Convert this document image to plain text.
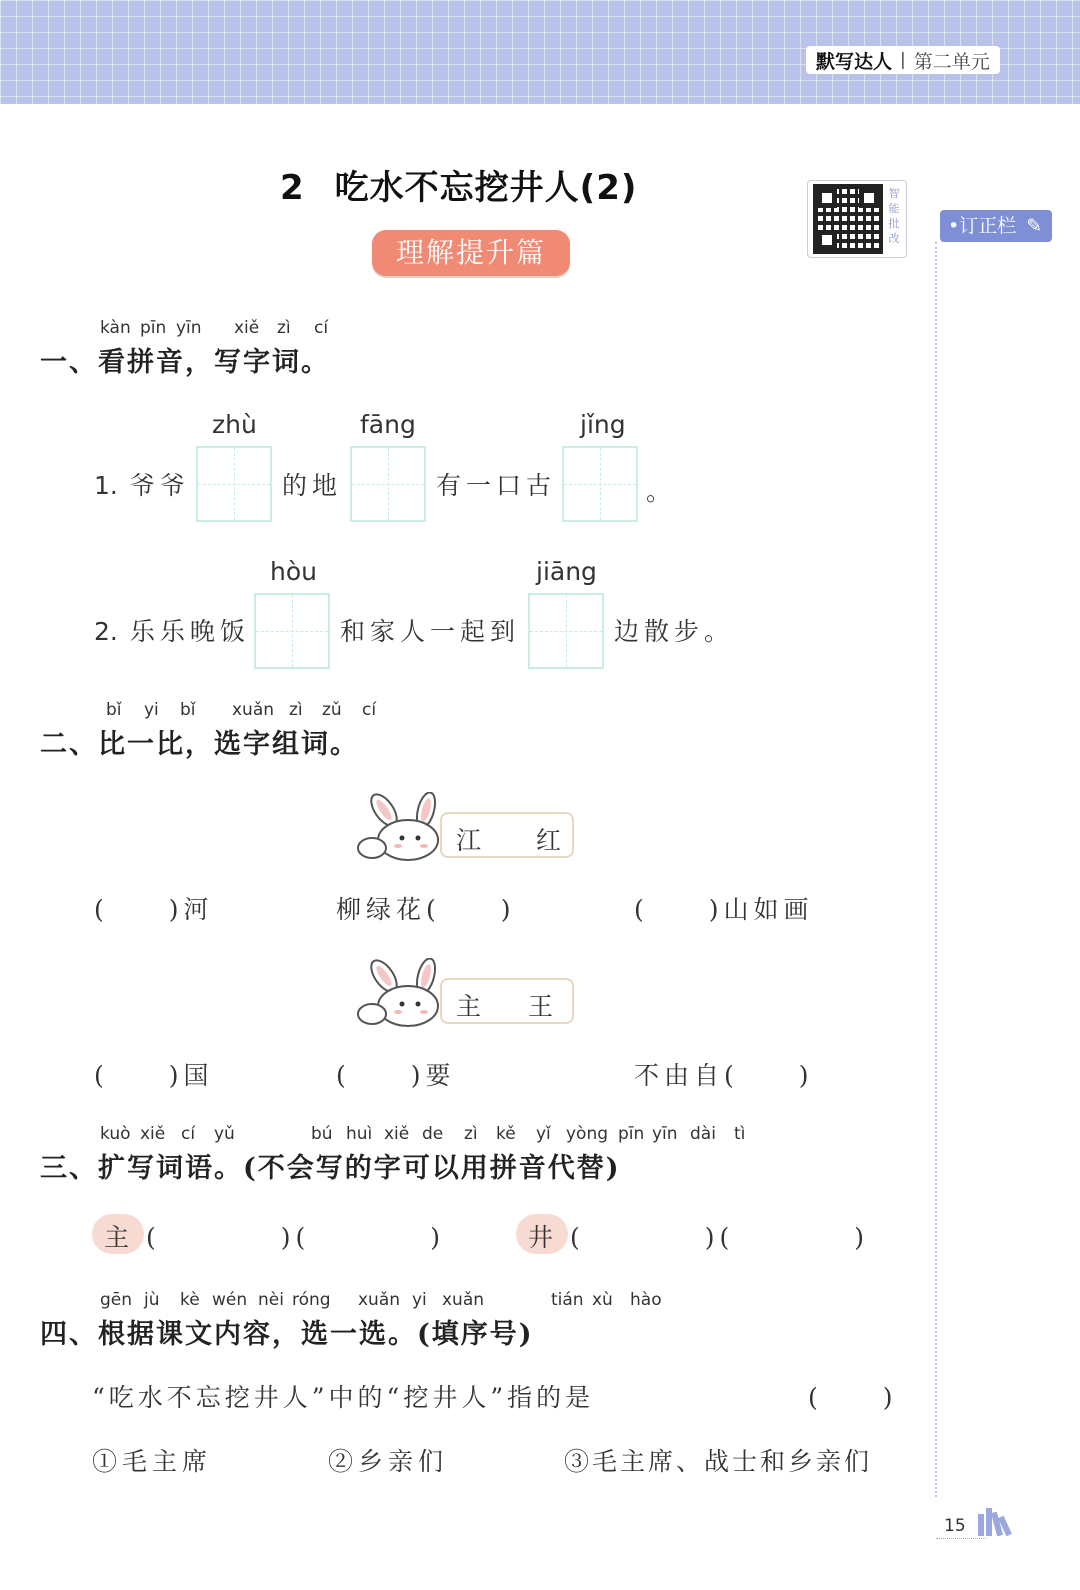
默写达人 | 第二单元
2 吃水不忘挖井人(2)
理解提升篇
智
能
批
改
•订正栏 ✎
kàn pīn yīn xiě zì cí
一、看拼音，写字词。
zhù	fāng	jǐng
1. 爷爷	的地	有一口古	。
hòu	jiāng
2. 乐乐晚饭	和家人一起到	边散步。
bǐ yi bǐ xuǎn zì zǔ cí
二、比一比，选字组词。
江 红
(　　)河	柳绿花(　　)	(　　)山如画
主 王
(　　)国	(　　)要	不由自(　　)
kuò xiě cí yǔ	bú huì xiě de zì kě yǐ yòng pīn yīn dài tì
三、扩写词语。(不会写的字可以用拼音代替)
主 (　　　　)(　　　　)	井 (　　　　)(　　　　)
gēn jù kè wén nèi róng xuǎn yi xuǎn	tián xù hào
四、根据课文内容，选一选。(填序号)
“吃水不忘挖井人”中的“挖井人”指的是	(　　)
①毛主席	②乡亲们	③毛主席、战士和乡亲们
15
